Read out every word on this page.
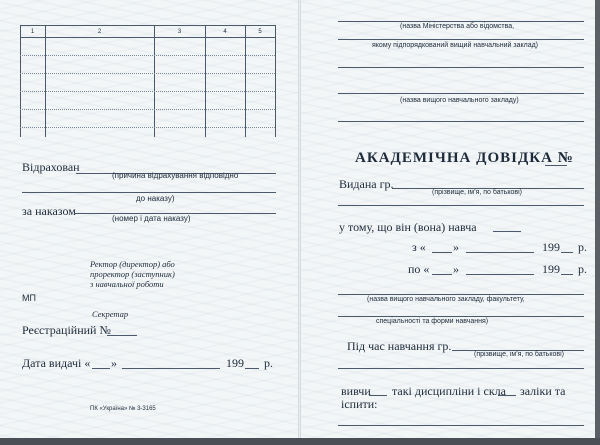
1	2	3	4	5
Відрахован
(причина відрахування відповідно
до наказу)
за наказом
(номер і дата наказу)
Ректор (директор) або
проректор (заступник)
з навчальної роботи
МП
Секретар
Реєстраційний №
Дата видачі « »	199 р.
ПК «Україна» № 3-3165
(назва Міністерства або відомства,
якому підпорядкований вищий навчальний заклад)
(назва вищого навчального закладу)
АКАДЕМІЧНА ДОВІДКА №
Видана гр.
(прізвище, ім'я, по батькові)
у тому, що він (вона) навча
з « »	199 р.
по « »	199 р.
(назва вищого навчального закладу, факультету,
спеціальності та форми навчання)
Під час навчання гр.
(прізвище, ім'я, по батькові)
вивчи такі дисципліни і скла заліки та
іспити:
